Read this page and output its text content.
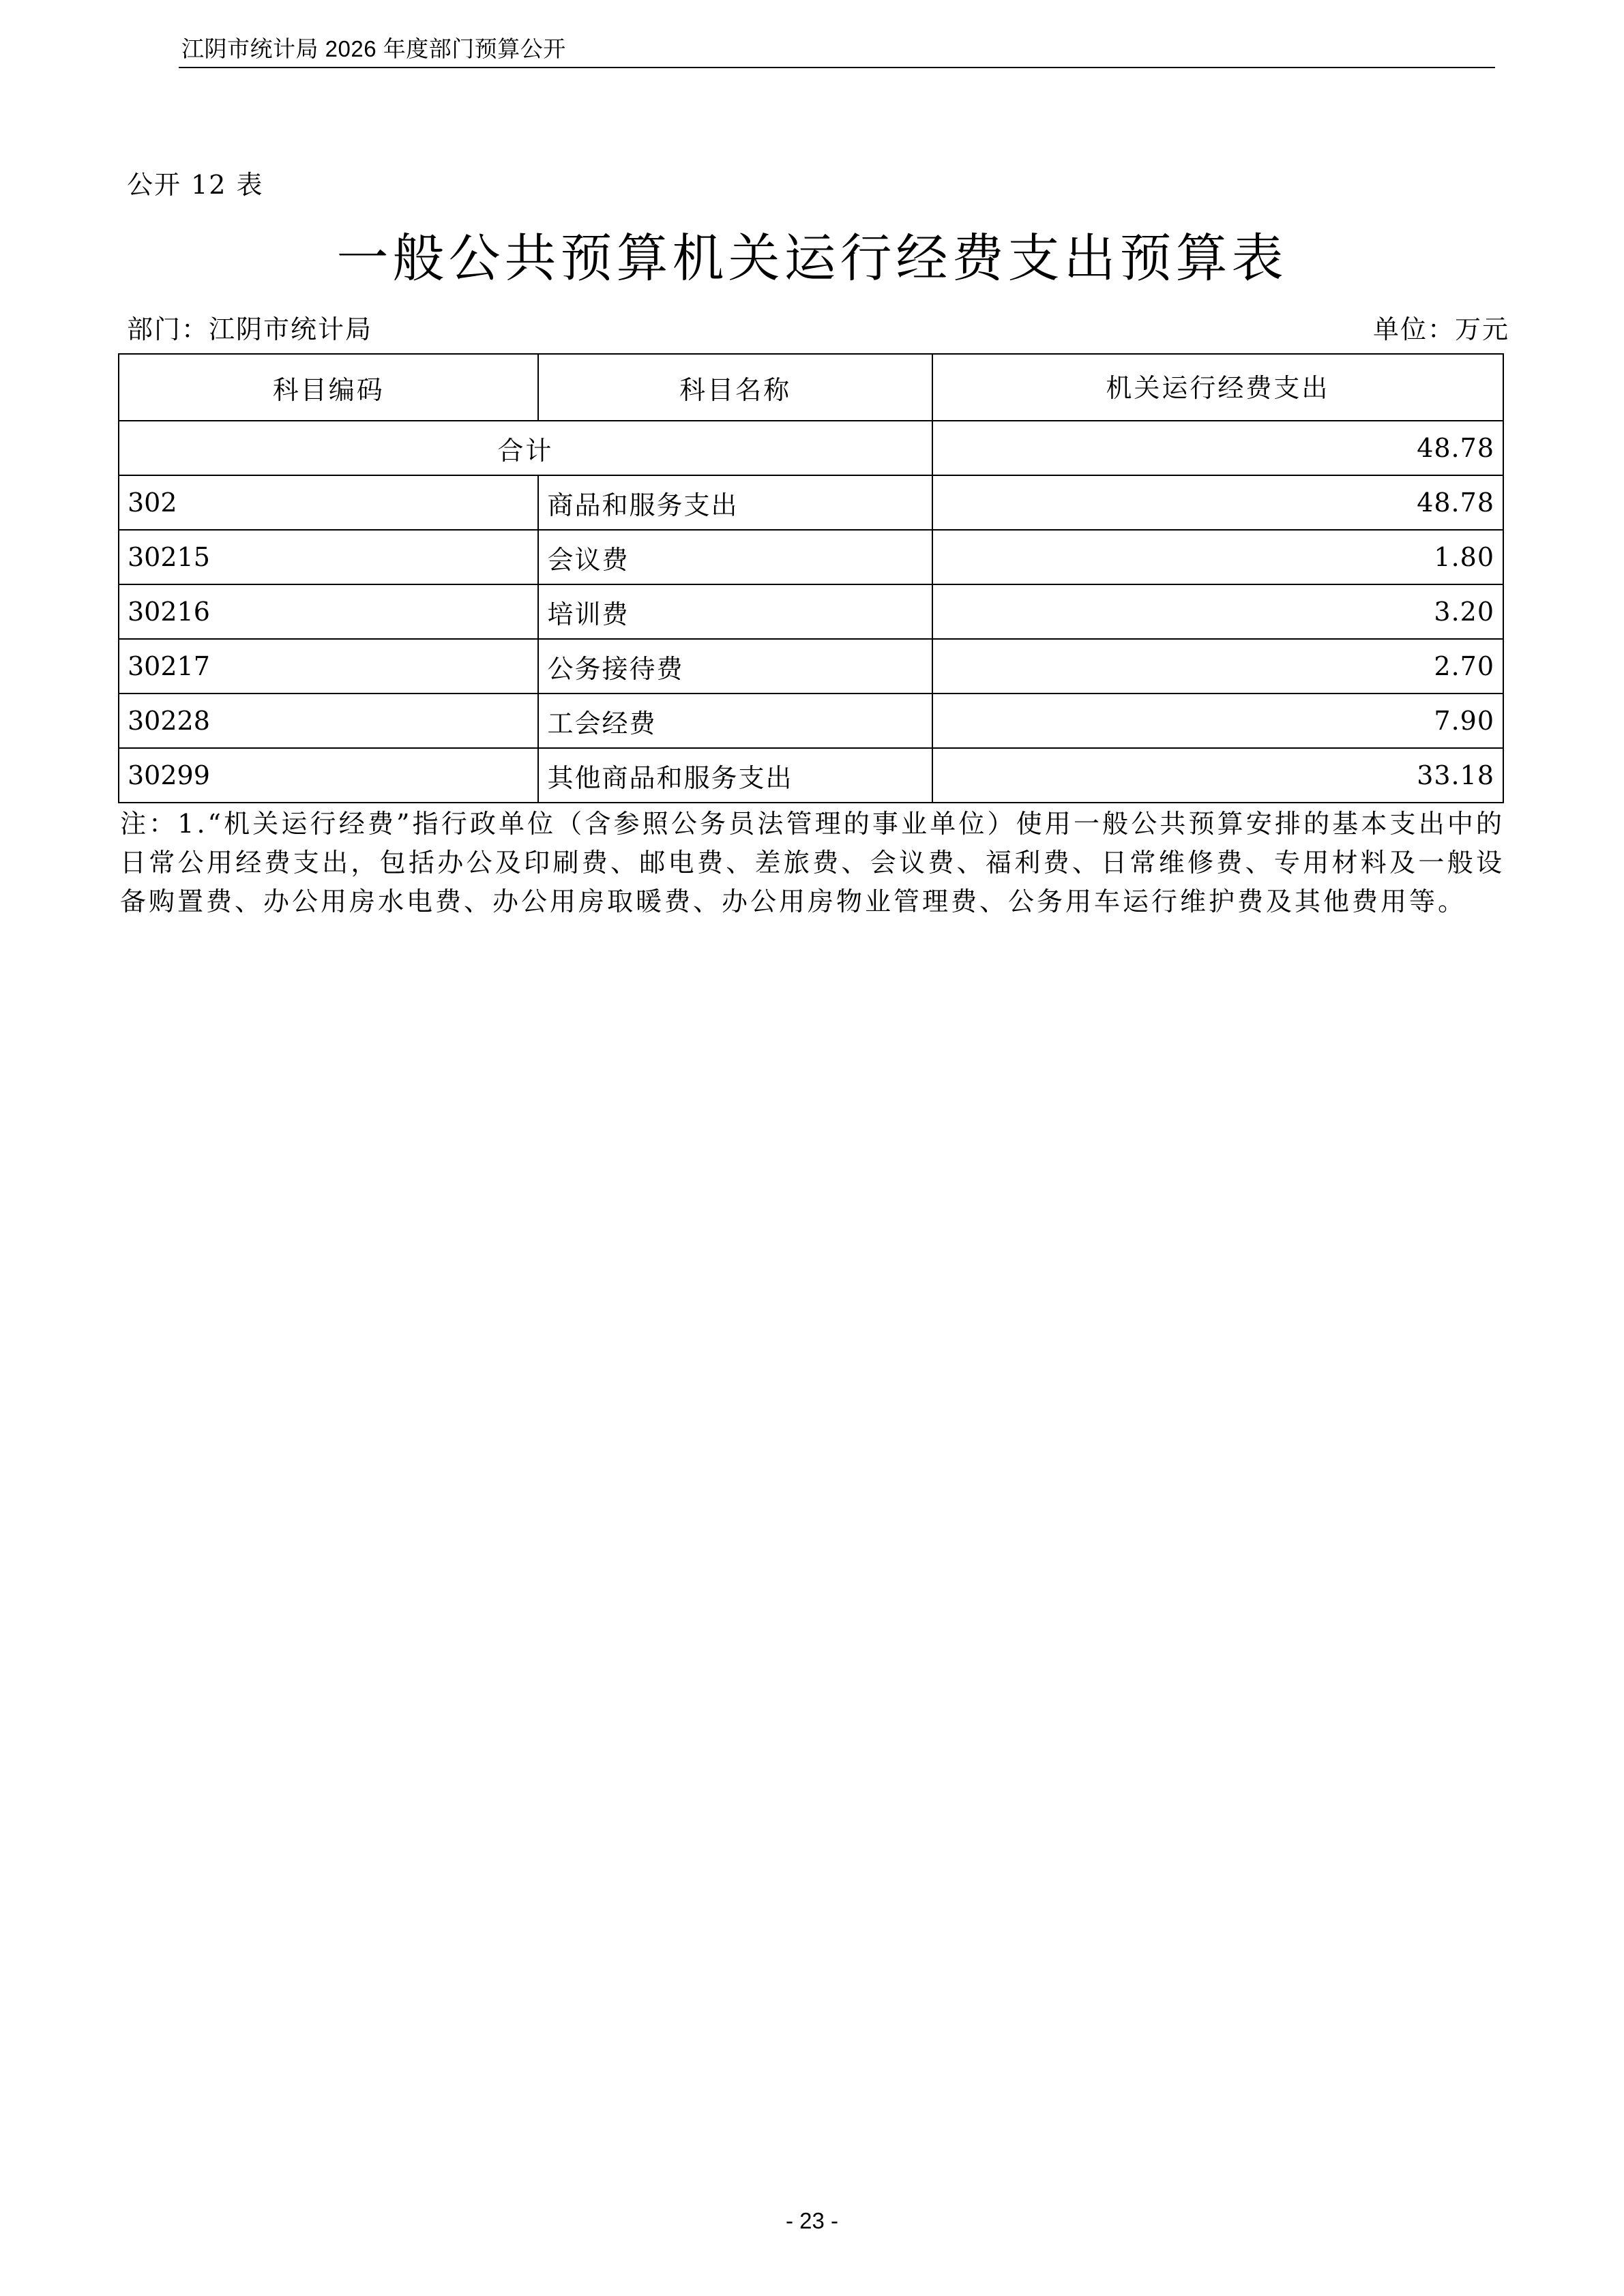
江阴市统计局 2026 年度部门预算公开
公开 12 表
一般公共预算机关运行经费支出预算表
部门：江阴市统计局	单位：万元
科目编码	科目名称	机关运行经费支出
合计		48.78
302	商品和服务支出	48.78
30215	会议费	1.80
30216	培训费	3.20
30217	公务接待费	2.70
30228	工会经费	7.90
30299	其他商品和服务支出	33.18
注：1.“机关运行经费”指行政单位（含参照公务员法管理的事业单位）使用一般公共预算安排的基本支出中的日常公用经费支出，包括办公及印刷费、邮电费、差旅费、会议费、福利费、日常维修费、专用材料及一般设备购置费、办公用房水电费、办公用房取暖费、办公用房物业管理费、公务用车运行维护费及其他费用等。
- 23 -
